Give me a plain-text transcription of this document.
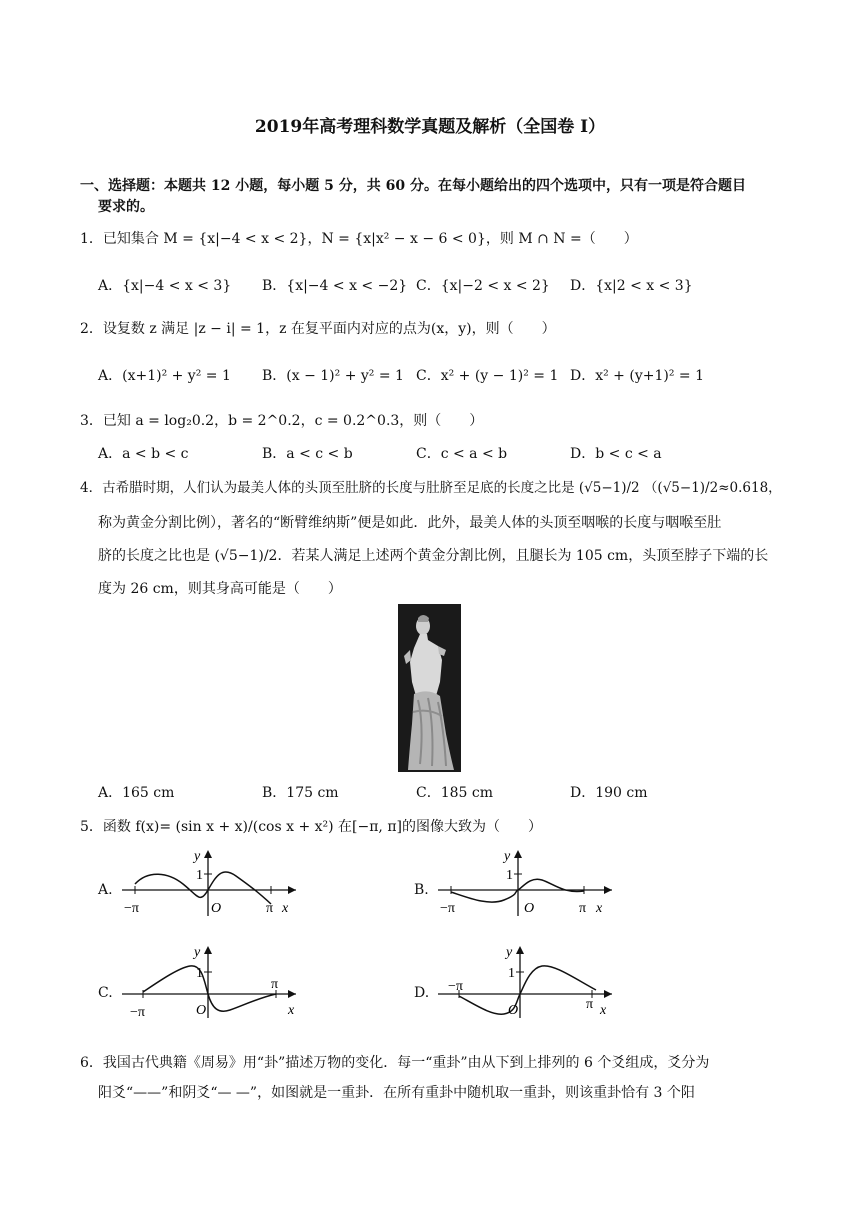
2019年高考理科数学真题及解析（全国卷 I）
一、选择题：本题共 12 小题，每小题 5 分，共 60 分。在每小题给出的四个选项中，只有一项是符合题目
要求的。
1．已知集合 M = {x|−4 < x < 2}，N = {x|x² − x − 6 < 0}，则 M ∩ N =（　　）
A．{x|−4 < x < 3} B．{x|−4 < x < −2} C．{x|−2 < x < 2} D．{x|2 < x < 3}
2．设复数 z 满足 |z − i| = 1，z 在复平面内对应的点为(x，y)，则（　　）
A．(x+1)² + y² = 1 B．(x − 1)² + y² = 1 C．x² + (y − 1)² = 1 D．x² + (y+1)² = 1
3．已知 a = log₂0.2，b = 2^0.2，c = 0.2^0.3，则（　　）
A．a < b < c	B．a < c < b	C．c < a < b	D．b < c < a
4．古希腊时期，人们认为最美人体的头顶至肚脐的长度与肚脐至足底的长度之比是 (√5−1)/2 （(√5−1)/2≈0.618，
称为黄金分割比例），著名的“断臂维纳斯”便是如此．此外，最美人体的头顶至咽喉的长度与咽喉至肚
脐的长度之比也是 (√5−1)/2．若某人满足上述两个黄金分割比例，且腿长为 105 cm，头顶至脖子下端的长
度为 26 cm，则其身高可能是（　　）
A．165 cm	B．175 cm	C．185 cm	D．190 cm
5．函数 f(x)= (sin x + x)/(cos x + x²) 在[−π, π]的图像大致为（　　）
A.
y
1
−π	O	π x
B.
y
1
−π	O	π x
C.
y
1
−π	O
π
x
D.
y
1
−π
O	π x
6．我国古代典籍《周易》用“卦”描述万物的变化．每一“重卦”由从下到上排列的 6 个爻组成，爻分为
阳爻“——”和阴爻“— —”，如图就是一重卦．在所有重卦中随机取一重卦，则该重卦恰有 3 个阳
